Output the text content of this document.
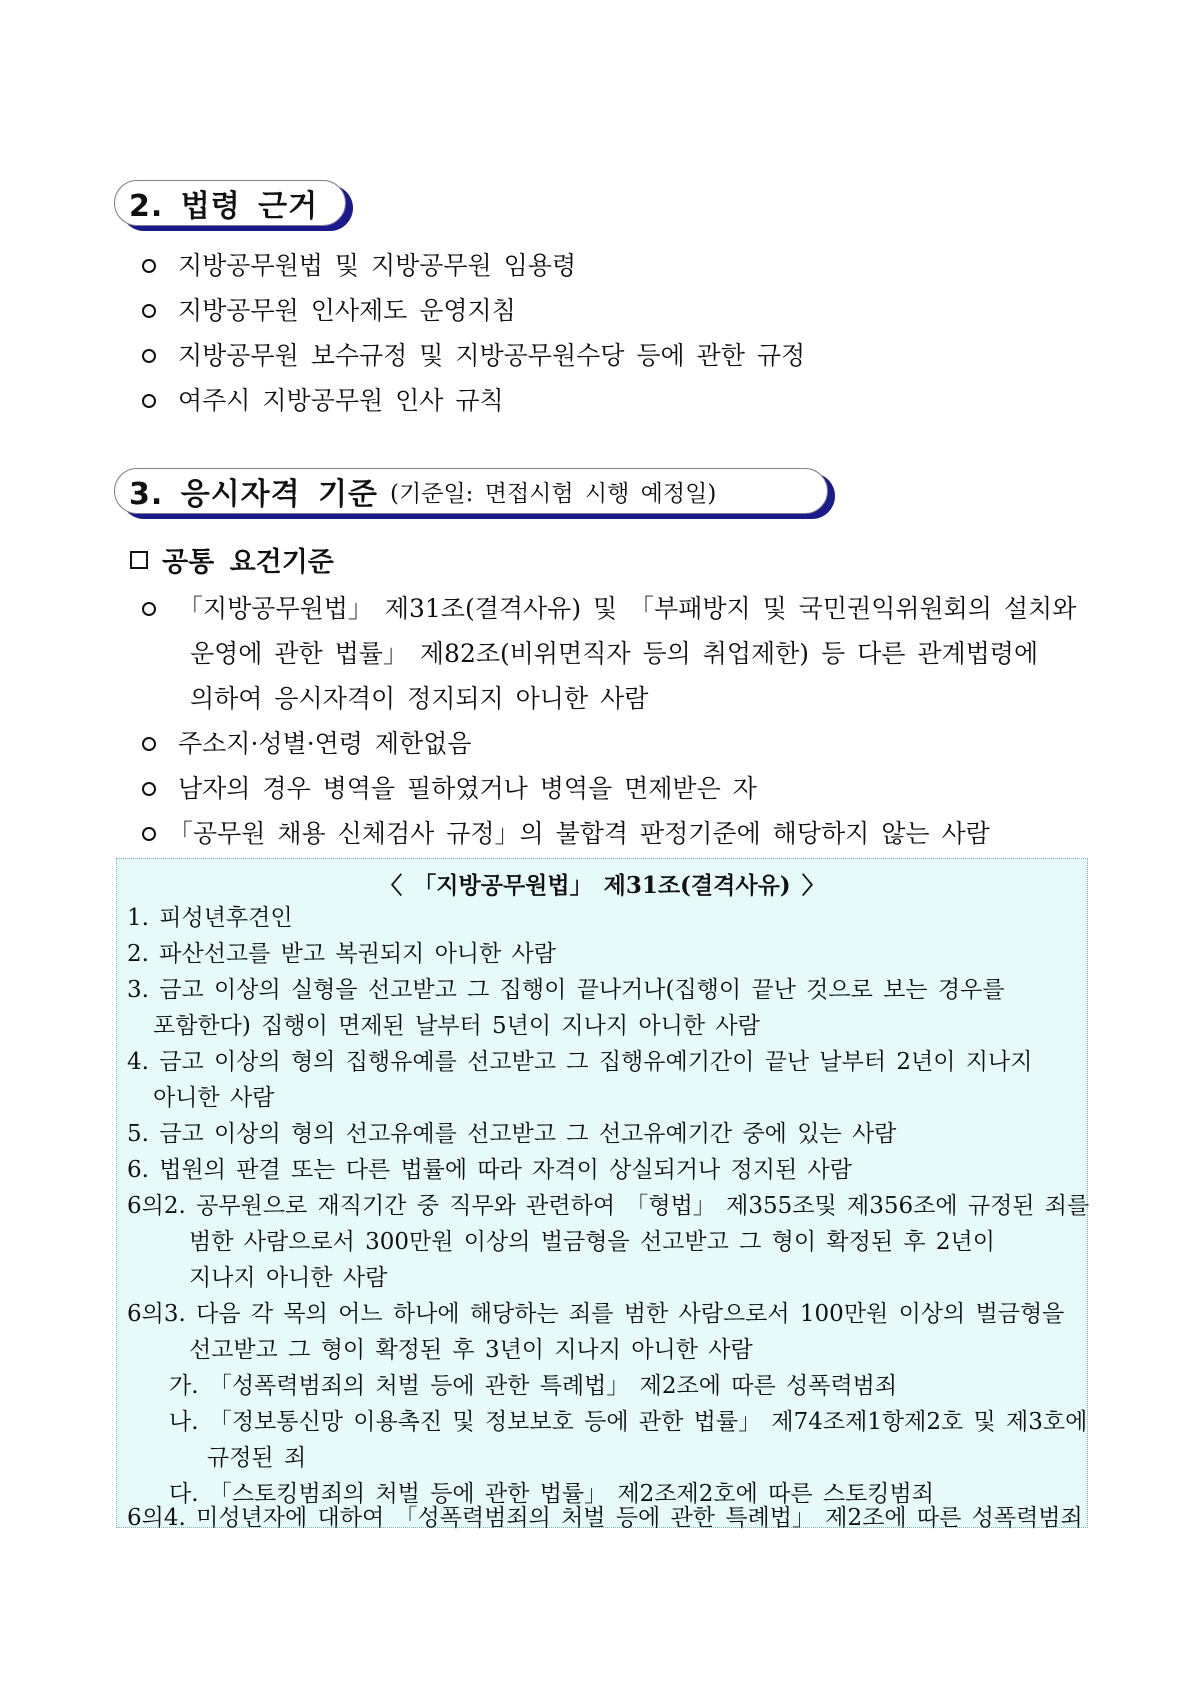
2. 법령 근거
지방공무원법 및 지방공무원 임용령
지방공무원 인사제도 운영지침
지방공무원 보수규정 및 지방공무원수당 등에 관한 규정
여주시 지방공무원 인사 규칙
3. 응시자격 기준 (기준일: 면접시험 시행 예정일)
공통 요건기준
「지방공무원법」 제31조(결격사유) 및 「부패방지 및 국민권익위원회의 설치와
운영에 관한 법률」 제82조(비위면직자 등의 취업제한) 등 다른 관계법령에
의하여 응시자격이 정지되지 아니한 사람
주소지·성별·연령 제한없음
남자의 경우 병역을 필하였거나 병역을 면제받은 자
「공무원 채용 신체검사 규정」의 불합격 판정기준에 해당하지 않는 사람
〈 「지방공무원법」 제31조(결격사유) 〉
1. 피성년후견인
2. 파산선고를 받고 복권되지 아니한 사람
3. 금고 이상의 실형을 선고받고 그 집행이 끝나거나(집행이 끝난 것으로 보는 경우를
포함한다) 집행이 면제된 날부터 5년이 지나지 아니한 사람
4. 금고 이상의 형의 집행유예를 선고받고 그 집행유예기간이 끝난 날부터 2년이 지나지
아니한 사람
5. 금고 이상의 형의 선고유예를 선고받고 그 선고유예기간 중에 있는 사람
6. 법원의 판결 또는 다른 법률에 따라 자격이 상실되거나 정지된 사람
6의2. 공무원으로 재직기간 중 직무와 관련하여 「형법」 제355조및 제356조에 규정된 죄를
범한 사람으로서 300만원 이상의 벌금형을 선고받고 그 형이 확정된 후 2년이
지나지 아니한 사람
6의3. 다음 각 목의 어느 하나에 해당하는 죄를 범한 사람으로서 100만원 이상의 벌금형을
선고받고 그 형이 확정된 후 3년이 지나지 아니한 사람
가. 「성폭력범죄의 처벌 등에 관한 특례법」 제2조에 따른 성폭력범죄
나. 「정보통신망 이용촉진 및 정보보호 등에 관한 법률」 제74조제1항제2호 및 제3호에
규정된 죄
다. 「스토킹범죄의 처벌 등에 관한 법률」 제2조제2호에 따른 스토킹범죄
6의4. 미성년자에 대하여 「성폭력범죄의 처벌 등에 관한 특례법」 제2조에 따른 성폭력범죄
